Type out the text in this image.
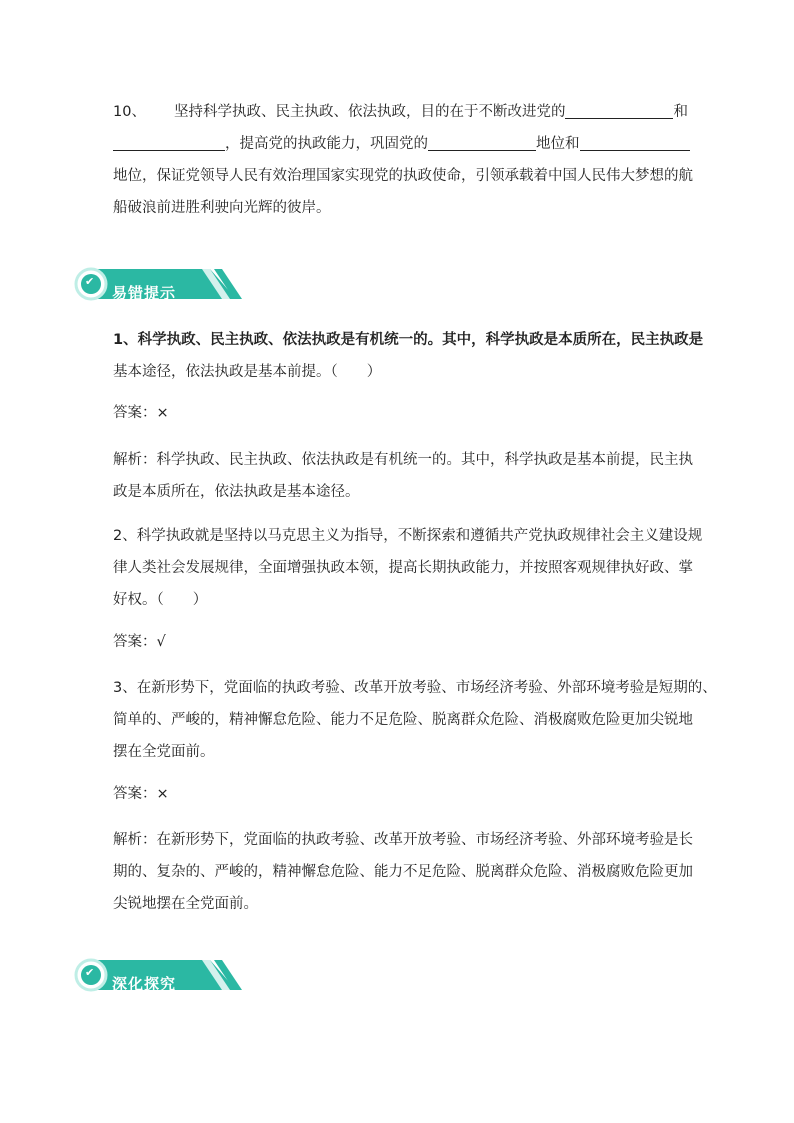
10、 坚持科学执政、民主执政、依法执政，目的在于不断改进党的	和
，提高党的执政能力，巩固党的	地位和
地位，保证党领导人民有效治理国家实现党的执政使命，引领承载着中国人民伟大梦想的航
船破浪前进胜利驶向光辉的彼岸。
✔
易错提示
1、科学执政、民主执政、依法执政是有机统一的。其中，科学执政是本质所在，民主执政是
基本途径，依法执政是基本前提。（　　）
答案：×
解析：科学执政、民主执政、依法执政是有机统一的。其中，科学执政是基本前提，民主执
政是本质所在，依法执政是基本途径。
2、科学执政就是坚持以马克思主义为指导，不断探索和遵循共产党执政规律社会主义建设规
律人类社会发展规律，全面增强执政本领，提高长期执政能力，并按照客观规律执好政、掌
好权。（　　）
答案：√
3、在新形势下，党面临的执政考验、改革开放考验、市场经济考验、外部环境考验是短期的、
简单的、严峻的，精神懈怠危险、能力不足危险、脱离群众危险、消极腐败危险更加尖锐地
摆在全党面前。
答案：×
解析：在新形势下，党面临的执政考验、改革开放考验、市场经济考验、外部环境考验是长
期的、复杂的、严峻的，精神懈怠危险、能力不足危险、脱离群众危险、消极腐败危险更加
尖锐地摆在全党面前。
✔
深化探究
